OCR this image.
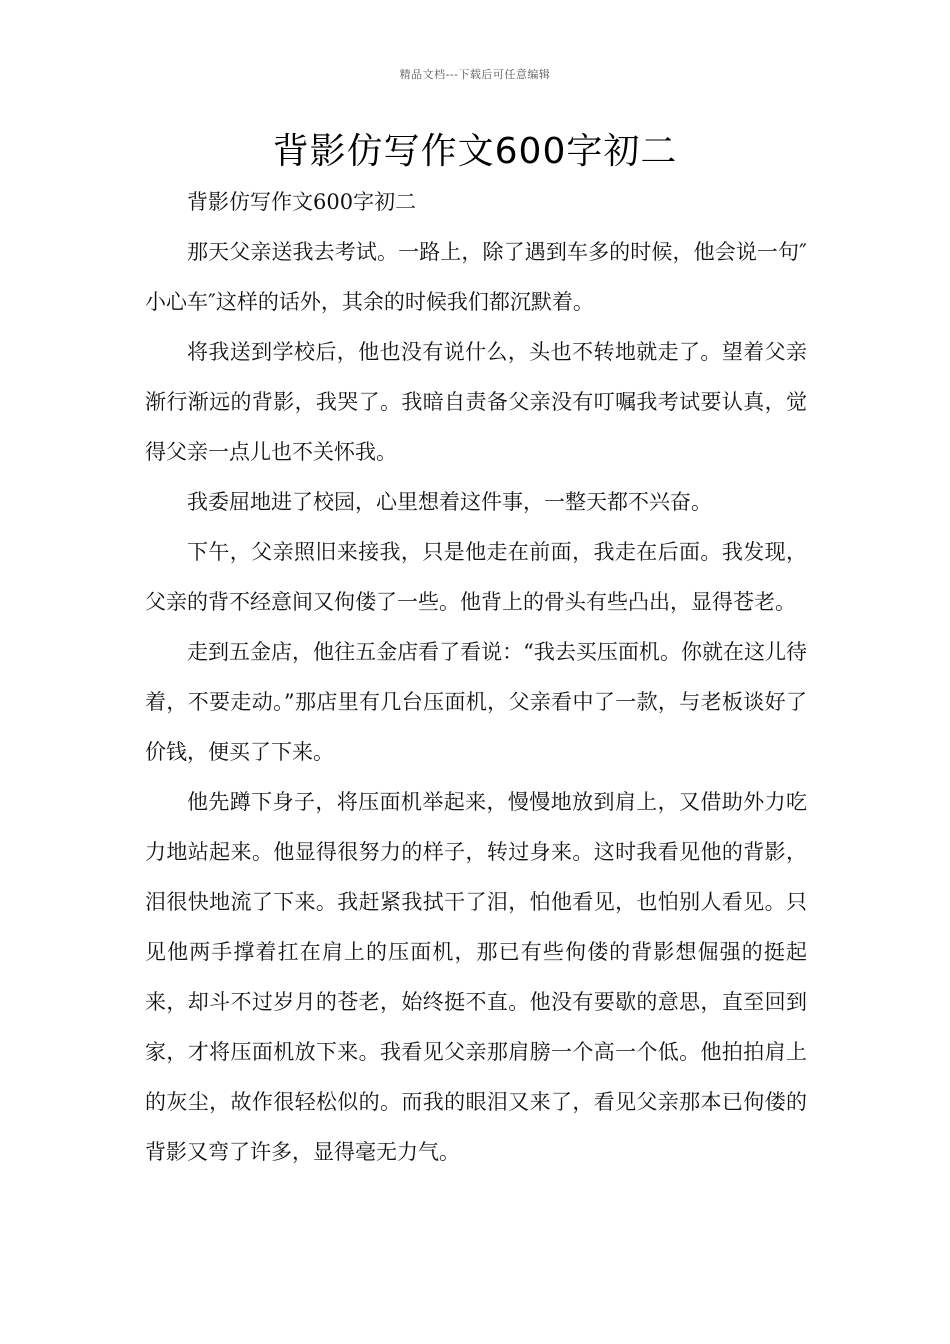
精品文档---下载后可任意编辑
背影仿写作文600字初二

背影仿写作文600字初二

那天父亲送我去考试。一路上，除了遇到车多的时候，他会说一句″小心车″这样的话外，其余的时候我们都沉默着。

将我送到学校后，他也没有说什么，头也不转地就走了。望着父亲渐行渐远的背影，我哭了。我暗自责备父亲没有叮嘱我考试要认真，觉得父亲一点儿也不关怀我。

我委屈地进了校园，心里想着这件事，一整天都不兴奋。

下午，父亲照旧来接我，只是他走在前面，我走在后面。我发现，父亲的背不经意间又佝偻了一些。他背上的骨头有些凸出，显得苍老。

走到五金店，他往五金店看了看说：“我去买压面机。你就在这儿待着，不要走动。”那店里有几台压面机，父亲看中了一款，与老板谈好了价钱，便买了下来。

他先蹲下身子，将压面机举起来，慢慢地放到肩上，又借助外力吃力地站起来。他显得很努力的样子，转过身来。这时我看见他的背影，泪很快地流了下来。我赶紧我拭干了泪，怕他看见，也怕别人看见。只见他两手撑着扛在肩上的压面机，那已有些佝偻的背影想倔强的挺起来，却斗不过岁月的苍老，始终挺不直。他没有要歇的意思，直至回到家，才将压面机放下来。我看见父亲那肩膀一个高一个低。他拍拍肩上的灰尘，故作很轻松似的。而我的眼泪又来了，看见父亲那本已佝偻的背影又弯了许多，显得毫无力气。
